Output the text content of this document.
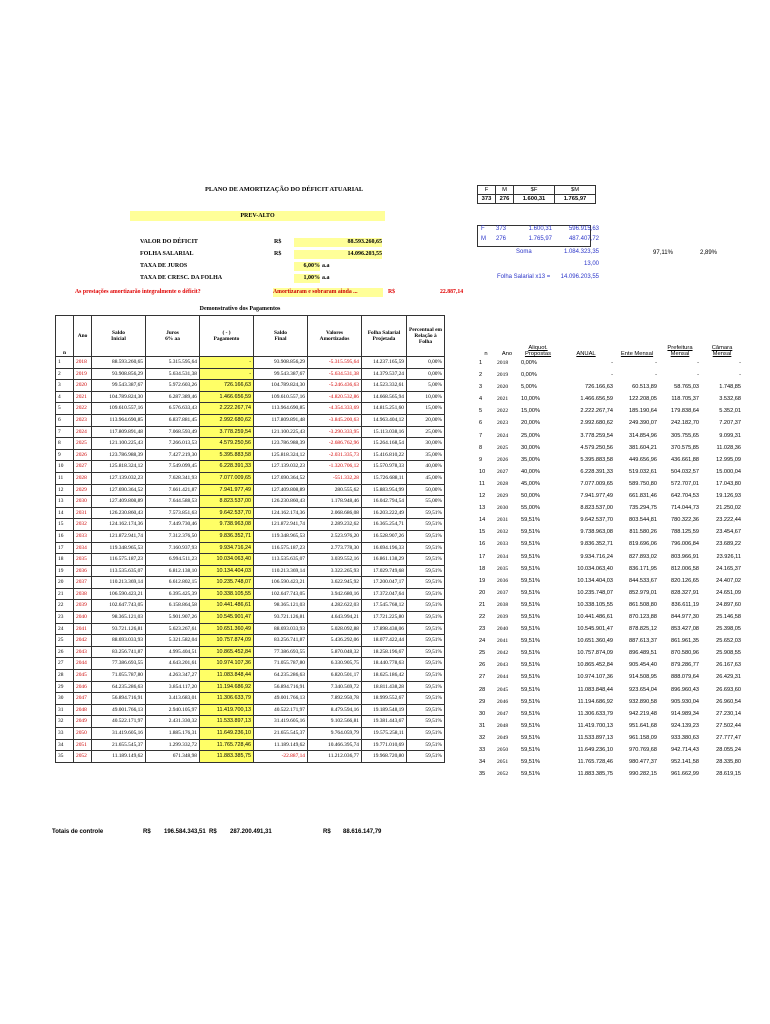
PLANO DE AMORTIZAÇÃO DO DÉFICIT ATUARIAL	F	M	$F	$M
373	276	1.600,31	1.765,97
PREV-ALTO
VALOR DO DÉFICIT	R$	88.593.260,65
FOLHA SALARIAL	R$	14.096.203,55
TAXA DE JUROS	6,00% a.a
TAXA DE CRESC. DA FOLHA	1,00% a.a
As prestações amortizarão integralmente o déficit?	Amortizaram e sobraram ainda ...	R$	22.887,14
F 373	1.600,31	596.915,63
M 276	1.765,97	487.407,72
Soma	1.084.323,35
13,00
Folha Salarial x13 =	14.096.203,55
97,11%	2,89%
Demonstrativo dos Pagamentos
n	Ano	Saldo
Inicial	Juros
6% aa	( - )
Pagamento	Saldo
Final	Valores
Amortizados	Folha Salarial
Projetada	Percentual em
Relação à
Folha
1	2018	88.593.260,65	5.315.595,64	-	93.908.856,29	-5.315.595,64	14.237.165,59	0,00%
2	2019	93.908.856,29	5.634.531,38	-	99.543.387,67	-5.634.531,38	14.379.537,24	0,00%
3	2020	99.543.387,67	5.972.603,26	726.166,63	104.789.824,30	-5.246.436,63	14.523.332,61	5,00%
4	2021	104.789.824,30	6.287.389,46	1.466.656,59	109.610.557,16	-4.820.532,86	14.668.565,94	10,00%
5	2022	109.610.557,16	6.576.633,43	2.222.267,74	113.964.690,85	-4.354.333,69	14.815.251,60	15,00%
6	2023	113.964.690,85	6.837.881,45	2.992.680,62	117.809.891,48	-3.845.200,63	14.963.404,12	20,00%
7	2024	117.809.891,48	7.068.593,49	3.778.259,54	121.100.225,43	-3.290.333,95	15.113.038,16	25,00%
8	2025	121.100.225,43	7.266.013,53	4.579.250,56	123.786.988,39	-2.686.762,96	15.264.168,54	30,00%
9	2026	123.786.988,39	7.427.219,30	5.395.883,58	125.818.324,12	-2.031.335,73	15.416.810,22	35,00%
10	2027	125.818.324,12	7.549.099,45	6.228.391,33	127.139.032,23	-1.320.706,12	15.570.978,33	40,00%
11	2028	127.139.032,23	7.628.341,93	7.077.009,65	127.690.364,52	-551.332,28	15.726.688,11	45,00%
12	2029	127.690.364,52	7.661.421,87	7.941.977,49	127.409.808,89	280.555,62	15.883.954,99	50,00%
13	2030	127.409.808,89	7.644.588,53	8.823.537,00	126.230.860,43	1.178.948,46	16.042.794,54	55,00%
14	2031	126.230.860,43	7.573.851,63	9.642.537,70	124.162.174,36	2.068.686,08	16.203.222,49	59,51%
15	2032	124.162.174,36	7.449.730,46	9.738.963,08	121.872.941,74	2.289.232,62	16.365.254,71	59,51%
16	2033	121.872.941,74	7.312.376,50	9.836.352,71	119.348.965,53	2.523.976,20	16.528.907,26	59,51%
17	2034	119.348.965,53	7.160.937,93	9.934.716,24	116.575.187,23	2.773.778,30	16.694.196,33	59,51%
18	2035	116.575.187,23	6.994.511,23	10.034.063,40	113.535.635,07	3.039.552,16	16.861.138,29	59,51%
19	2036	113.535.635,07	6.812.138,10	10.134.404,03	110.213.369,14	3.322.265,93	17.029.749,68	59,51%
20	2037	110.213.369,14	6.612.802,15	10.235.748,07	106.590.423,21	3.622.945,92	17.200.047,17	59,51%
21	2038	106.590.423,21	6.395.425,39	10.338.105,55	102.647.743,05	3.942.680,16	17.372.047,64	59,51%
22	2039	102.647.743,05	6.158.864,58	10.441.486,61	98.365.121,03	4.282.622,03	17.545.768,12	59,51%
23	2040	98.365.121,03	5.901.907,26	10.545.901,47	93.721.126,81	4.643.994,21	17.721.225,80	59,51%
24	2041	93.721.126,81	5.623.267,61	10.651.360,49	88.693.033,93	5.028.092,88	17.898.438,06	59,51%
25	2042	88.693.033,93	5.321.582,04	10.757.874,09	83.256.741,87	5.436.292,06	18.077.422,44	59,51%
26	2043	83.256.741,87	4.995.404,51	10.865.452,84	77.386.693,55	5.870.048,32	18.258.196,67	59,51%
27	2044	77.386.693,55	4.643.201,61	10.974.107,36	71.055.787,80	6.330.905,75	18.440.778,63	59,51%
28	2045	71.055.787,80	4.263.347,27	11.083.848,44	64.235.286,63	6.820.501,17	18.625.186,42	59,51%
29	2046	64.235.286,63	3.854.117,20	11.194.686,92	56.894.716,91	7.340.569,72	18.811.438,28	59,51%
30	2047	56.894.716,91	3.413.683,01	11.306.633,79	49.001.766,13	7.892.950,78	18.999.552,67	59,51%
31	2048	49.001.766,13	2.940.105,97	11.419.700,13	40.522.171,97	8.479.594,16	19.189.548,19	59,51%
32	2049	40.522.171,97	2.431.330,32	11.533.897,13	31.419.605,16	9.102.566,81	19.381.443,67	59,51%
33	2050	31.419.605,16	1.885.176,31	11.649.236,10	21.655.545,37	9.764.059,79	19.575.258,11	59,51%
34	2051	21.655.545,37	1.299.332,72	11.765.728,46	11.189.149,62	10.466.395,74	19.771.010,69	59,51%
35	2052	11.189.149,62	671.348,98	11.883.385,75	-22.887,14	11.212.036,77	19.968.720,80	59,51%
n	Ano	Aliquot.
Propostas	ANUAL	Ente Mensal	Prefeitura
Mensal	Câmara
Mensal
1	2018	0,00%	-	-	-	-
2	2019	0,00%	-	-	-	-
3	2020	5,00%	726.166,63	60.513,89	58.765,03	1.748,85
4	2021	10,00%	1.466.656,59	122.208,05	118.705,37	3.532,68
5	2022	15,00%	2.222.267,74	185.190,64	179.838,64	5.352,01
6	2023	20,00%	2.992.680,62	249.390,07	242.182,70	7.207,37
7	2024	25,00%	3.778.259,54	314.854,96	305.755,65	9.099,31
8	2025	30,00%	4.579.250,56	381.604,21	370.575,85	11.028,36
9	2026	35,00%	5.395.883,58	449.656,96	436.661,88	12.995,09
10	2027	40,00%	6.228.391,33	519.032,61	504.032,57	15.000,04
11	2028	45,00%	7.077.009,65	589.750,80	572.707,01	17.043,80
12	2029	50,00%	7.941.977,49	661.831,46	642.704,53	19.126,93
13	2030	55,00%	8.823.537,00	735.294,75	714.044,73	21.250,02
14	2031	59,51%	9.642.537,70	803.544,81	780.322,36	23.222,44
15	2032	59,51%	9.738.963,08	811.580,26	788.125,59	23.454,67
16	2033	59,51%	9.836.352,71	819.696,06	796.006,84	23.689,22
17	2034	59,51%	9.934.716,24	827.893,02	803.966,91	23.926,11
18	2035	59,51%	10.034.063,40	836.171,95	812.006,58	24.165,37
19	2036	59,51%	10.134.404,03	844.533,67	820.126,65	24.407,02
20	2037	59,51%	10.235.748,07	852.979,01	828.327,91	24.651,09
21	2038	59,51%	10.338.105,55	861.508,80	836.611,19	24.897,60
22	2039	59,51%	10.441.486,61	870.123,88	844.977,30	25.146,58
23	2040	59,51%	10.545.901,47	878.825,12	853.427,08	25.398,05
24	2041	59,51%	10.651.360,49	887.613,37	861.961,35	25.652,03
25	2042	59,51%	10.757.874,09	896.489,51	870.580,96	25.908,55
26	2043	59,51%	10.865.452,84	905.454,40	879.286,77	26.167,63
27	2044	59,51%	10.974.107,36	914.508,95	888.079,64	26.429,31
28	2045	59,51%	11.083.848,44	923.654,04	896.960,43	26.693,60
29	2046	59,51%	11.194.686,92	932.890,58	905.930,04	26.960,54
30	2047	59,51%	11.306.633,79	942.219,48	914.989,34	27.230,14
31	2048	59,51%	11.419.700,13	951.641,68	924.139,23	27.502,44
32	2049	59,51%	11.533.897,13	961.158,09	933.380,63	27.777,47
33	2050	59,51%	11.649.236,10	970.769,68	942.714,43	28.055,24
34	2051	59,51%	11.765.728,46	980.477,37	952.141,58	28.335,80
35	2052	59,51%	11.883.385,75	990.282,15	961.662,99	28.619,15
Totais de controle	R$ 196.584.343,51 R$ 287.200.491,31	R$ 88.616.147,79
